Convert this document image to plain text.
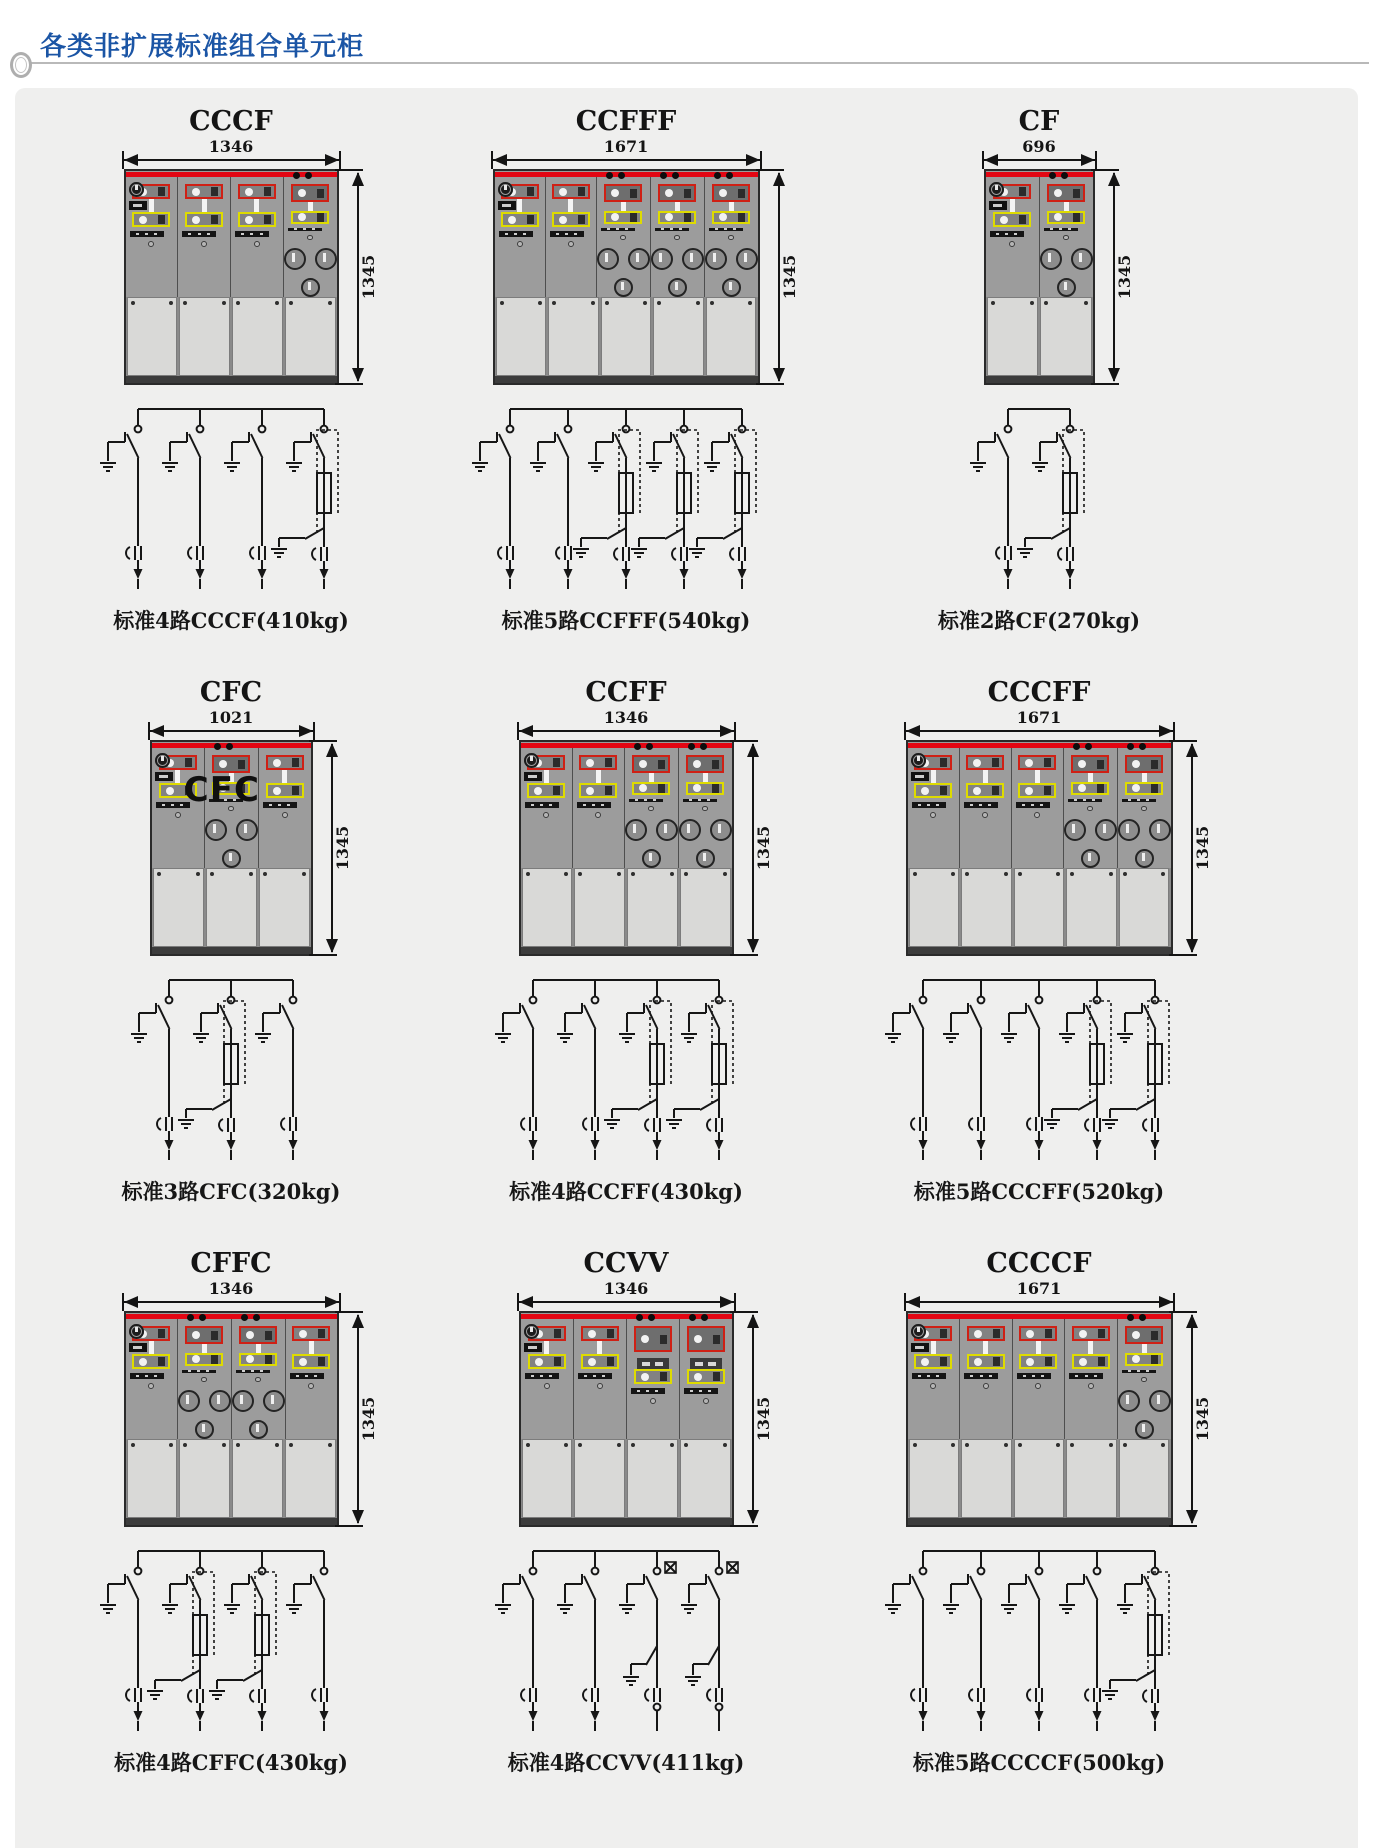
各类非扩展标准组合单元柜
CCCF
1346
1345
标准4路CCCF(410kg)
CCFFF
1671
1345
标准5路CCFFF(540kg)
CF
696
1345
标准2路CF(270kg)
CFC
1021
CFC
1345
标准3路CFC(320kg)
CCFF
1346
1345
标准4路CCFF(430kg)
CCCFF
1671
1345
标准5路CCCFF(520kg)
CFFC
1346
1345
标准4路CFFC(430kg)
CCVV
1346
1345
标准4路CCVV(411kg)
CCCCF
1671
1345
标准5路CCCCF(500kg)
